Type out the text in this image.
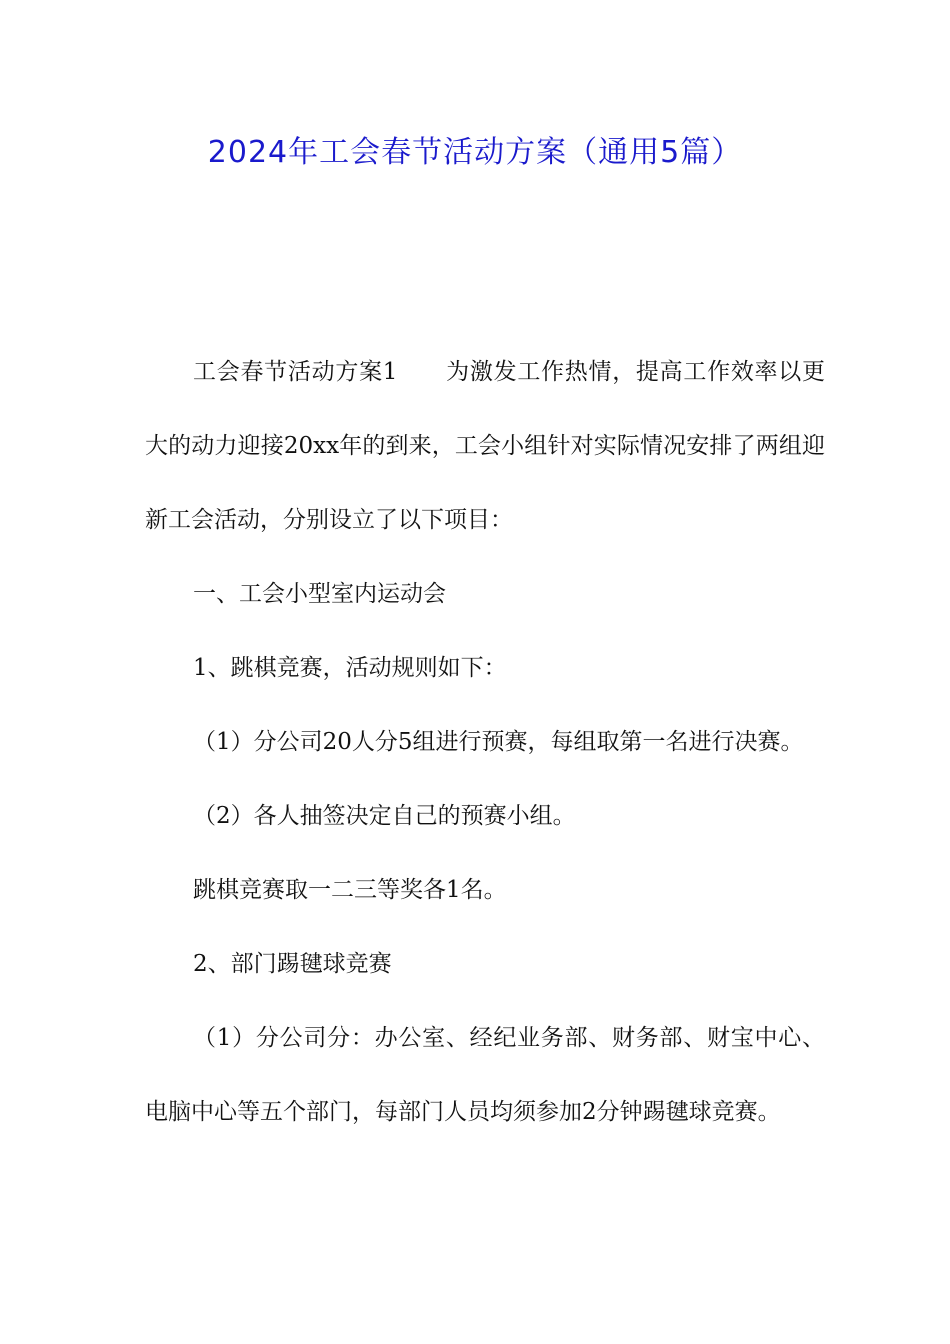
2024年工会春节活动方案（通用5篇）

工会春节活动方案1 为激发工作热情，提高工作效率以更大的动力迎接20xx年的到来，工会小组针对实际情况安排了两组迎新工会活动，分别设立了以下项目：

一、工会小型室内运动会

1、跳棋竞赛，活动规则如下：

（1）分公司20人分5组进行预赛，每组取第一名进行决赛。

（2）各人抽签决定自己的预赛小组。

跳棋竞赛取一二三等奖各1名。

2、部门踢毽球竞赛

（1）分公司分：办公室、经纪业务部、财务部、财宝中心、电脑中心等五个部门，每部门人员均须参加2分钟踢毽球竞赛。
